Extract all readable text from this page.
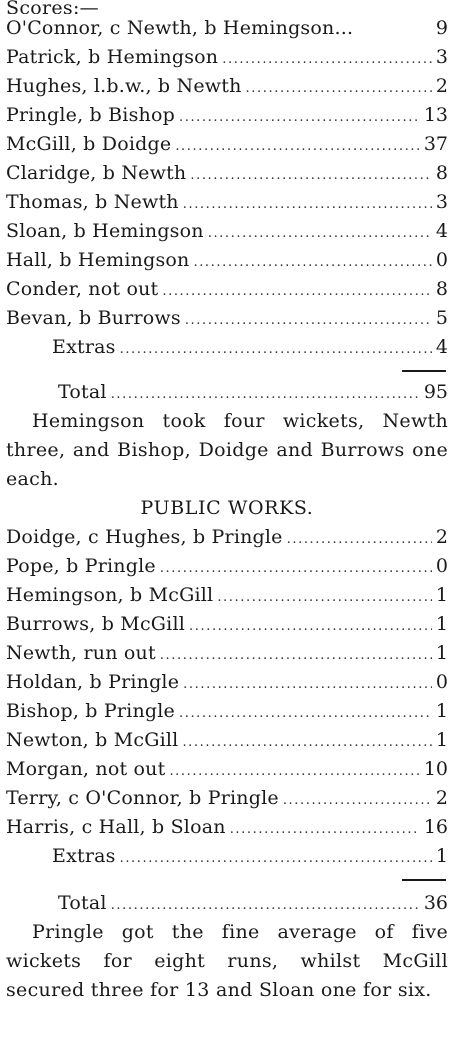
Scores:—
O'Connor, c Newth, b Hemingson...	9
Patrick, b Hemingson .....	3
Hughes, l.b.w., b Newth .....	2
Pringle, b Bishop .....	13
McGill, b Doidge .....	37
Claridge, b Newth .....	8
Thomas, b Newth .....	3
Sloan, b Hemingson .....	4
Hall, b Hemingson .....	0
Conder, not out .....	8
Bevan, b Burrows .....	5
Extras .....	4
Total .....	95
Hemingson took four wickets, Newth three, and Bishop, Doidge and Burrows one each.
PUBLIC WORKS.
Doidge, c Hughes, b Pringle .....	2
Pope, b Pringle .....	0
Hemingson, b McGill .....	1
Burrows, b McGill .....	1
Newth, run out .....	1
Holdan, b Pringle .....	0
Bishop, b Pringle .....	1
Newton, b McGill .....	1
Morgan, not out .....	10
Terry, c O'Connor, b Pringle .....	2
Harris, c Hall, b Sloan .....	16
Extras .....	1
Total .....	36
Pringle got the fine average of five wickets for eight runs, whilst McGill secured three for 13 and Sloan one for six.
